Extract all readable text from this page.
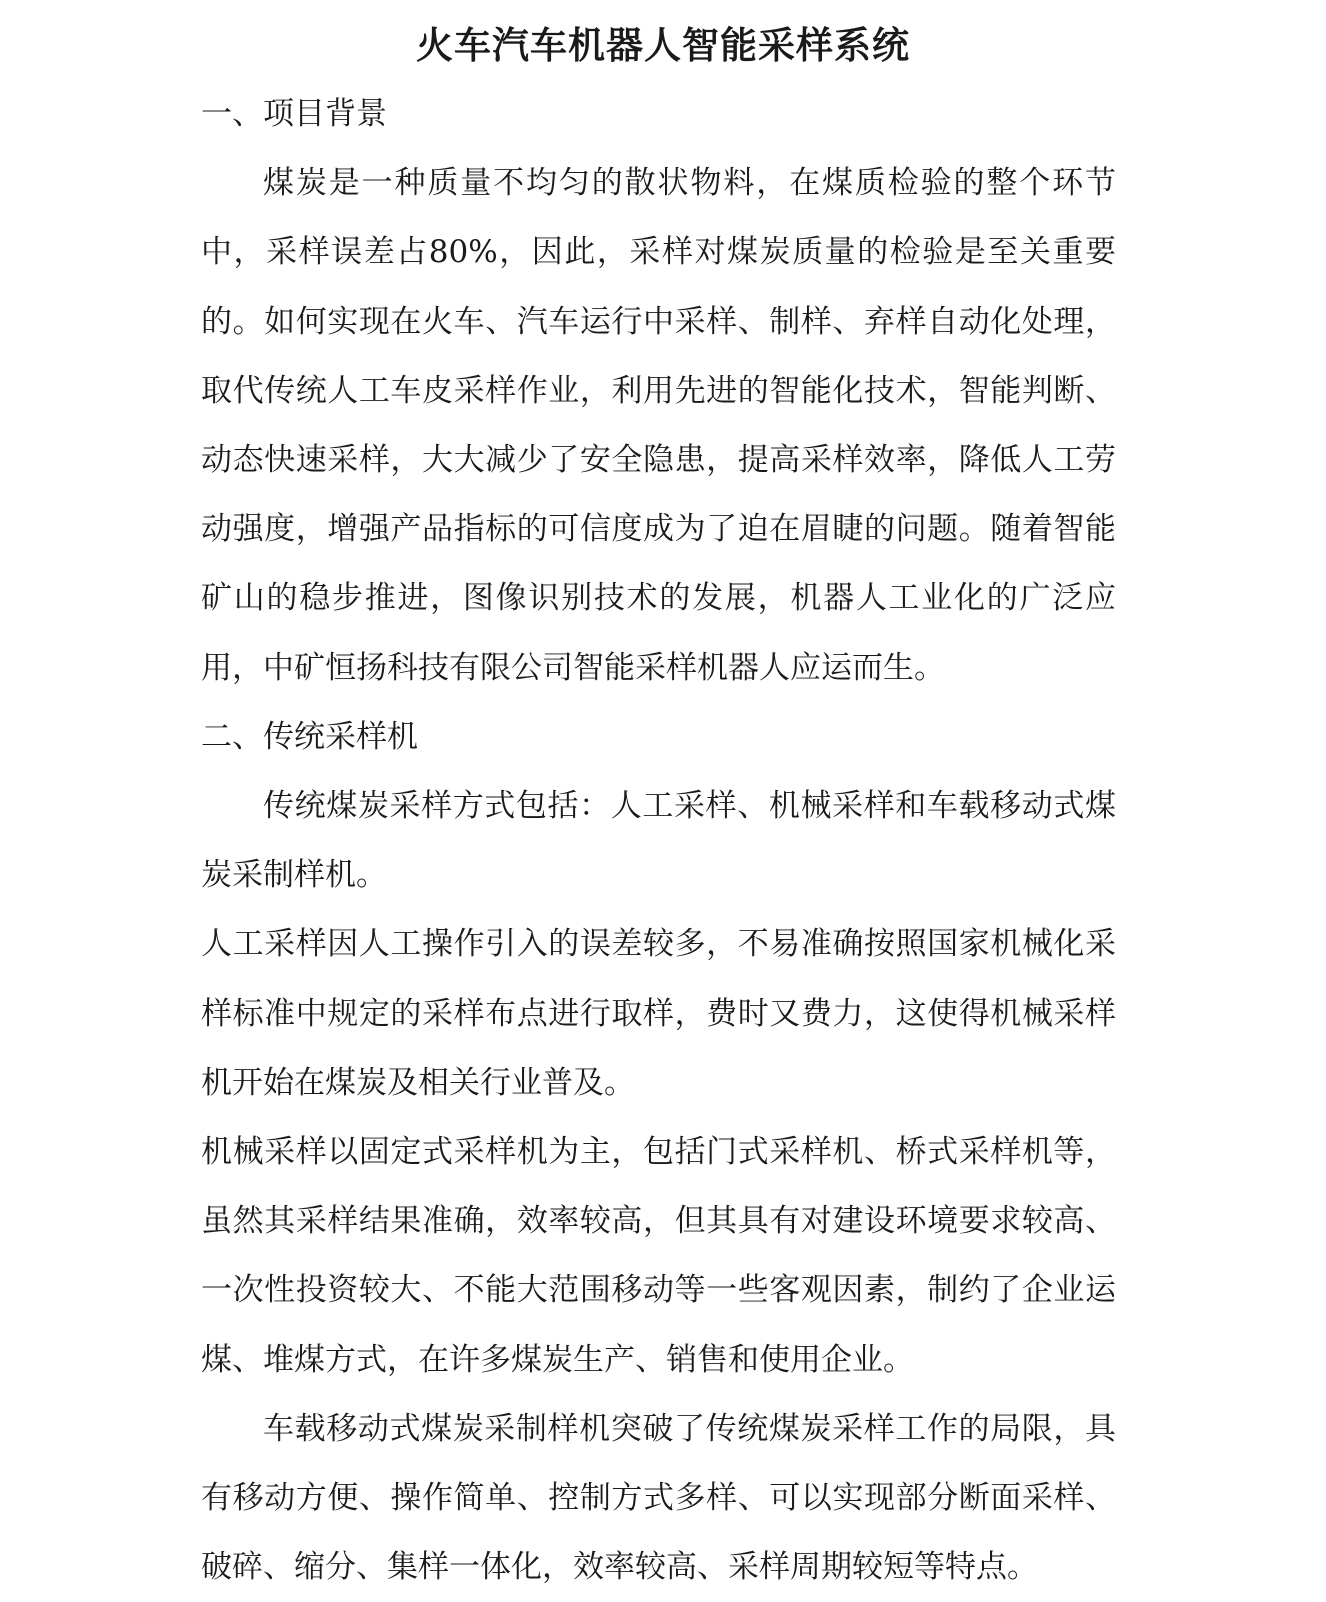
火车汽车机器人智能采样系统

一、项目背景

煤炭是一种质量不均匀的散状物料，在煤质检验的整个环节中，采样误差占80%，因此，采样对煤炭质量的检验是至关重要的。如何实现在火车、汽车运行中采样、制样、弃样自动化处理，取代传统人工车皮采样作业，利用先进的智能化技术，智能判断、动态快速采样，大大减少了安全隐患，提高采样效率，降低人工劳动强度，增强产品指标的可信度成为了迫在眉睫的问题。随着智能矿山的稳步推进，图像识别技术的发展，机器人工业化的广泛应用，中矿恒扬科技有限公司智能采样机器人应运而生。

二、传统采样机

传统煤炭采样方式包括：人工采样、机械采样和车载移动式煤炭采制样机。

人工采样因人工操作引入的误差较多，不易准确按照国家机械化采样标准中规定的采样布点进行取样，费时又费力，这使得机械采样机开始在煤炭及相关行业普及。

机械采样以固定式采样机为主，包括门式采样机、桥式采样机等，虽然其采样结果准确，效率较高，但其具有对建设环境要求较高、一次性投资较大、不能大范围移动等一些客观因素，制约了企业运煤、堆煤方式，在许多煤炭生产、销售和使用企业。

车载移动式煤炭采制样机突破了传统煤炭采样工作的局限，具有移动方便、操作简单、控制方式多样、可以实现部分断面采样、破碎、缩分、集样一体化，效率较高、采样周期较短等特点。
